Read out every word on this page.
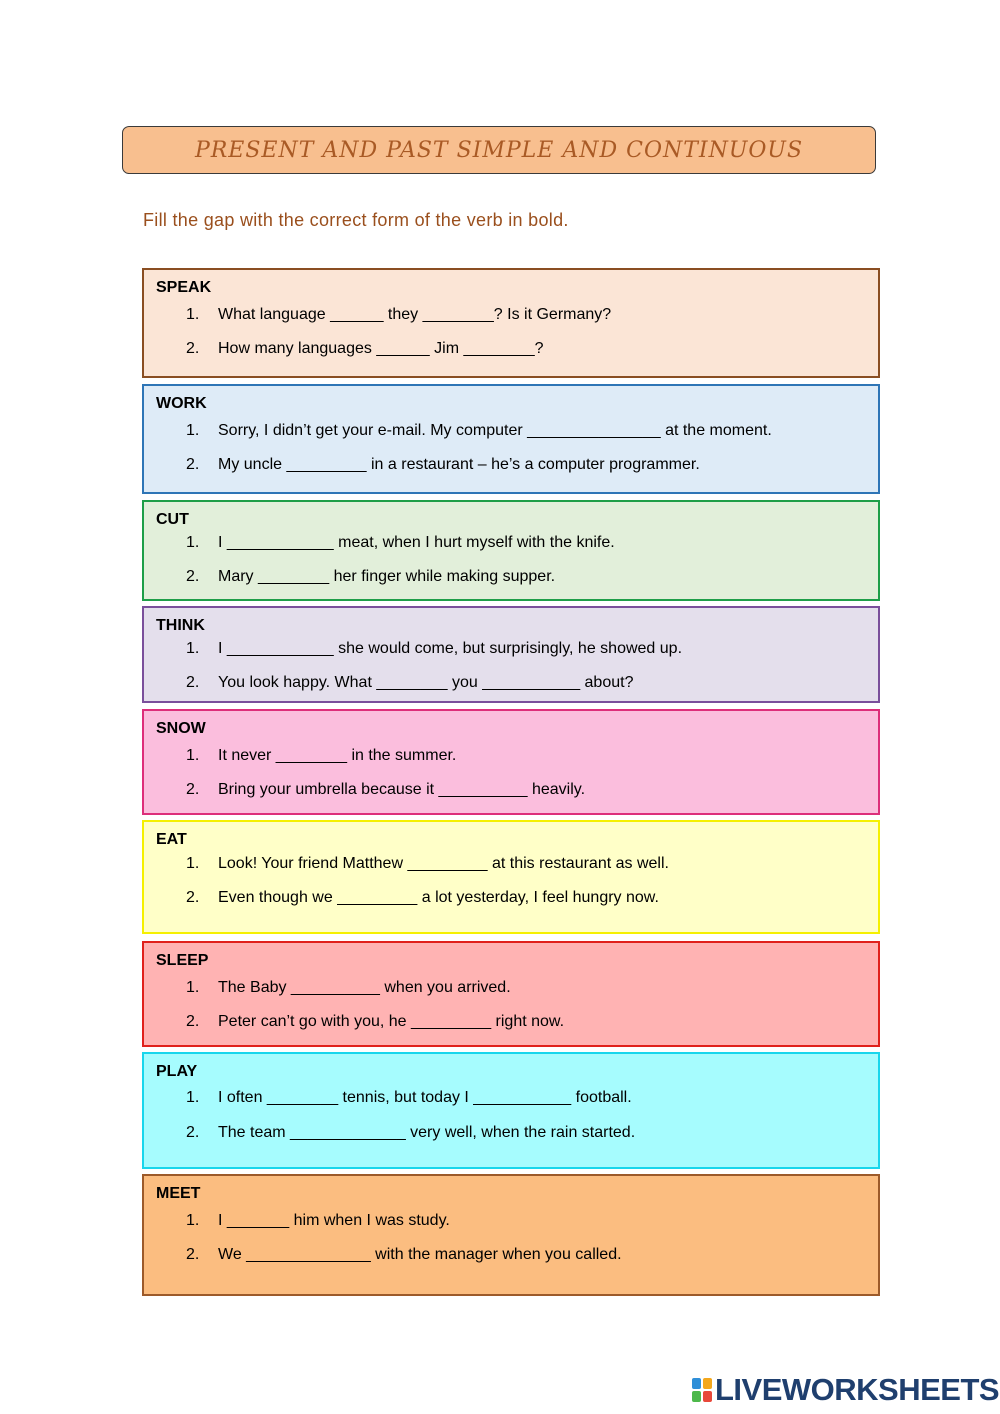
PRESENT AND PAST SIMPLE AND CONTINUOUS
Fill the gap with the correct form of the verb in bold.
SPEAK
1. What language ______ they ________? Is it Germany?
2. How many languages ______ Jim ________?
WORK
1. Sorry, I didn’t get your e-mail. My computer _______________ at the moment.
2. My uncle _________ in a restaurant – he’s a computer programmer.
CUT
1. I ____________ meat, when I hurt myself with the knife.
2. Mary ________ her finger while making supper.
THINK
1. I ____________ she would come, but surprisingly, he showed up.
2. You look happy. What ________ you ___________ about?
SNOW
1. It never ________ in the summer.
2. Bring your umbrella because it __________ heavily.
EAT
1. Look! Your friend Matthew _________ at this restaurant as well.
2. Even though we _________ a lot yesterday, I feel hungry now.
SLEEP
1. The Baby __________ when you arrived.
2. Peter can’t go with you, he _________ right now.
PLAY
1. I often ________ tennis, but today I ___________ football.
2. The team _____________ very well, when the rain started.
MEET
1. I _______ him when I was study.
2. We ______________ with the manager when you called.
LIVEWORKSHEETS
